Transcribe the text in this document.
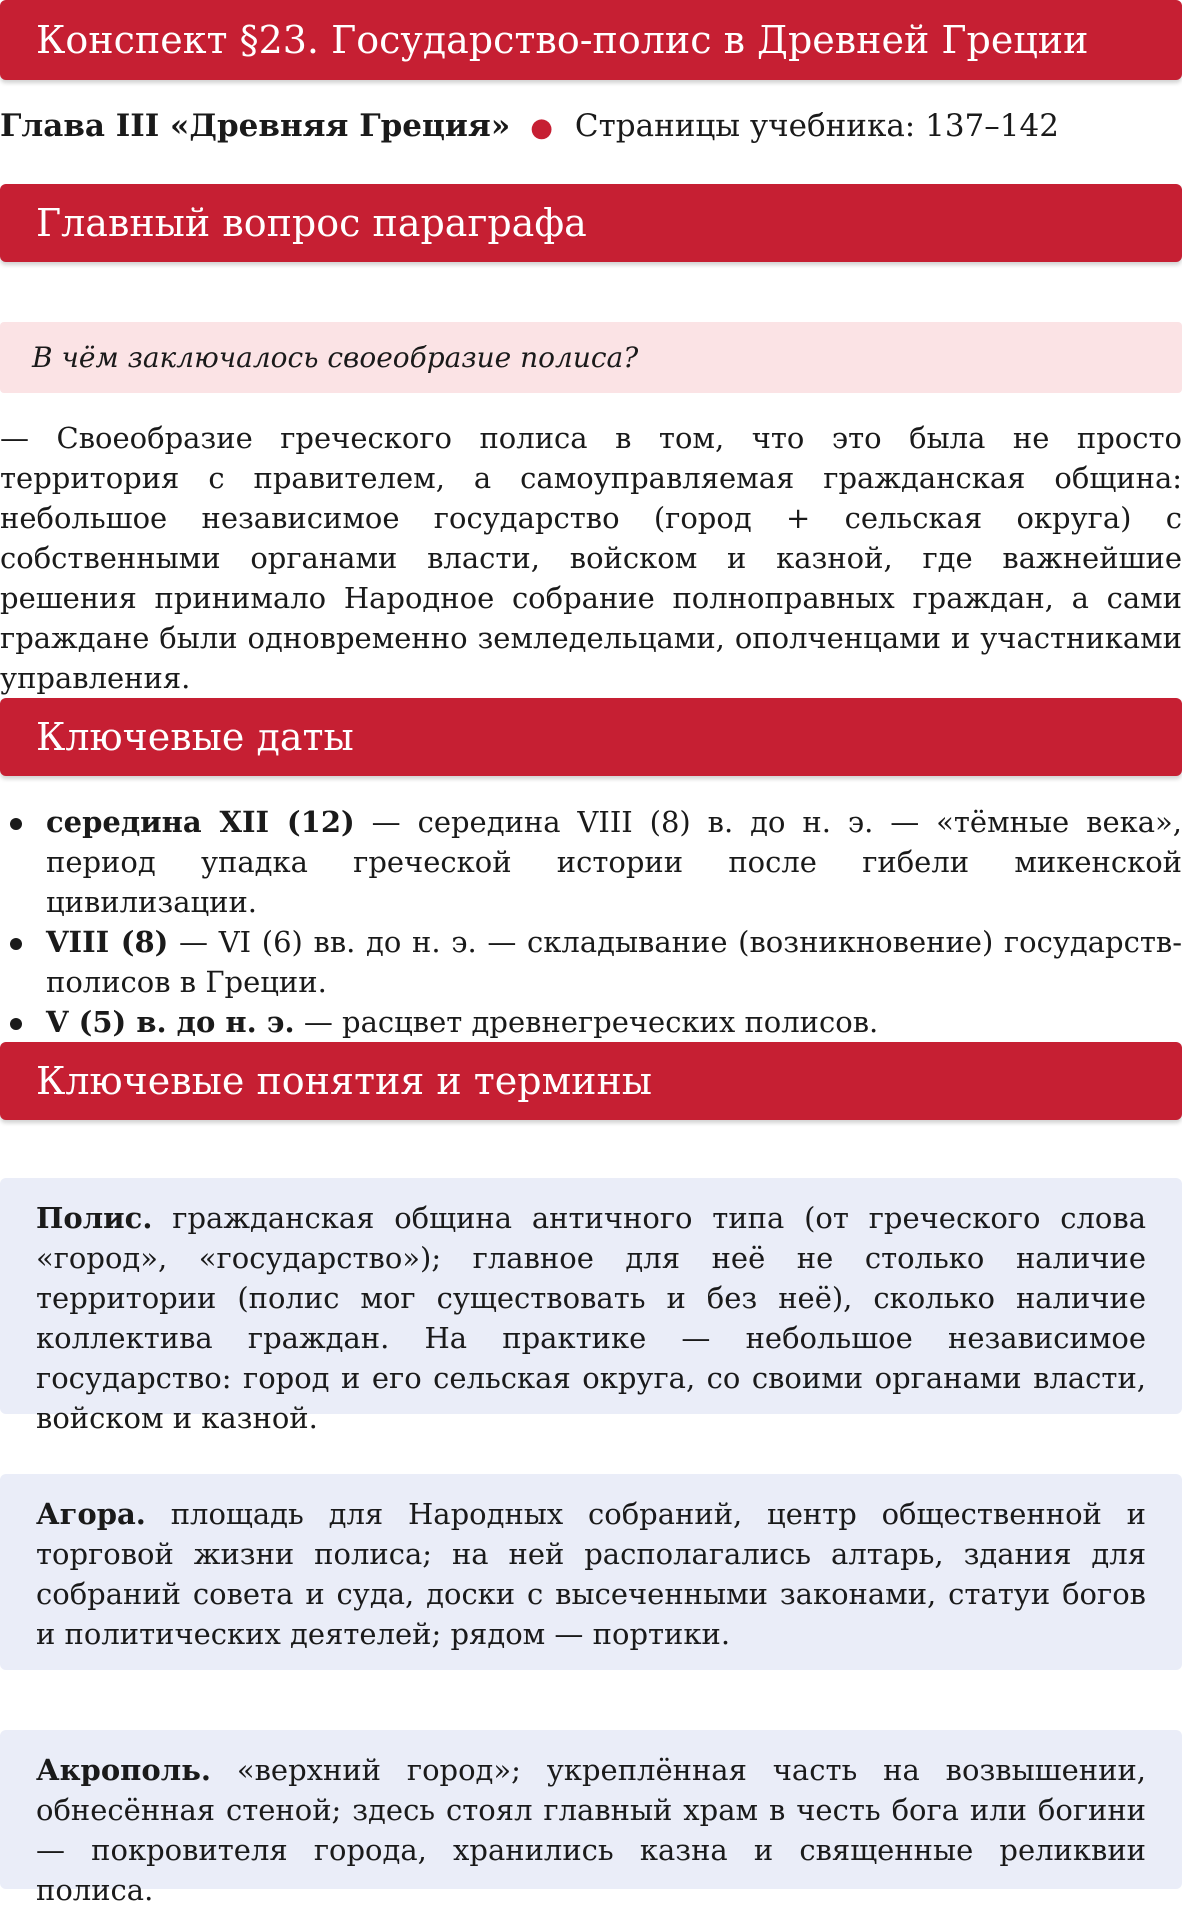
Конспект §23. Государство-полис в Древней Греции
Глава III «Древняя Греция» ● Страницы учебника: 137–142
Главный вопрос параграфа
В чём заключалось своеобразие полиса?
— Своеобразие греческого полиса в том, что это была не просто территория с правителем, а самоуправляемая гражданская община: небольшое независимое государство (город + сельская округа) с собственными органами власти, войском и казной, где важнейшие решения принимало Народное собрание полноправных граждан, а сами граждане были одновременно земледельцами, ополченцами и участниками управления.
Ключевые даты
середина XII (12) — середина VIII (8) в. до н. э. — «тёмные века», период упадка греческой истории после гибели микенской цивилизации.
VIII (8) — VI (6) вв. до н. э. — складывание (возникновение) государств-полисов в Греции.
V (5) в. до н. э. — расцвет древнегреческих полисов.
Ключевые понятия и термины
Полис. гражданская община античного типа (от греческого слова «город», «государство»); главное для неё не столько наличие территории (полис мог существовать и без неё), сколько наличие коллектива граждан. На практике — небольшое независимое государство: город и его сельская округа, со своими органами власти, войском и казной.
Агора. площадь для Народных собраний, центр общественной и торговой жизни полиса; на ней располагались алтарь, здания для собраний совета и суда, доски с высеченными законами, статуи богов и политических деятелей; рядом — портики.
Акрополь. «верхний город»; укреплённая часть на возвышении, обнесённая стеной; здесь стоял главный храм в честь бога или богини — покровителя города, хранились казна и священные реликвии полиса.
